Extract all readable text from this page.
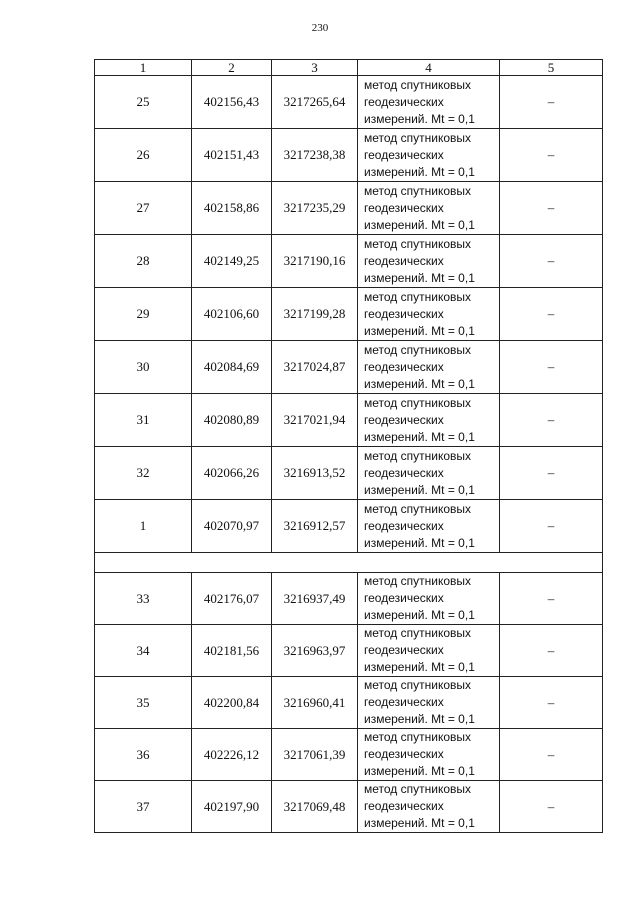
230
1	2	3	4	5
25	402156,43	3217265,64	метод спутниковых
геодезических
измерений. Mt = 0,1	–
26	402151,43	3217238,38	метод спутниковых
геодезических
измерений. Mt = 0,1	–
27	402158,86	3217235,29	метод спутниковых
геодезических
измерений. Mt = 0,1	–
28	402149,25	3217190,16	метод спутниковых
геодезических
измерений. Mt = 0,1	–
29	402106,60	3217199,28	метод спутниковых
геодезических
измерений. Mt = 0,1	–
30	402084,69	3217024,87	метод спутниковых
геодезических
измерений. Mt = 0,1	–
31	402080,89	3217021,94	метод спутниковых
геодезических
измерений. Mt = 0,1	–
32	402066,26	3216913,52	метод спутниковых
геодезических
измерений. Mt = 0,1	–
1	402070,97	3216912,57	метод спутниковых
геодезических
измерений. Mt = 0,1	–

33	402176,07	3216937,49	метод спутниковых
геодезических
измерений. Mt = 0,1	–
34	402181,56	3216963,97	метод спутниковых
геодезических
измерений. Mt = 0,1	–
35	402200,84	3216960,41	метод спутниковых
геодезических
измерений. Mt = 0,1	–
36	402226,12	3217061,39	метод спутниковых
геодезических
измерений. Mt = 0,1	–
37	402197,90	3217069,48	метод спутниковых
геодезических
измерений. Mt = 0,1	–
